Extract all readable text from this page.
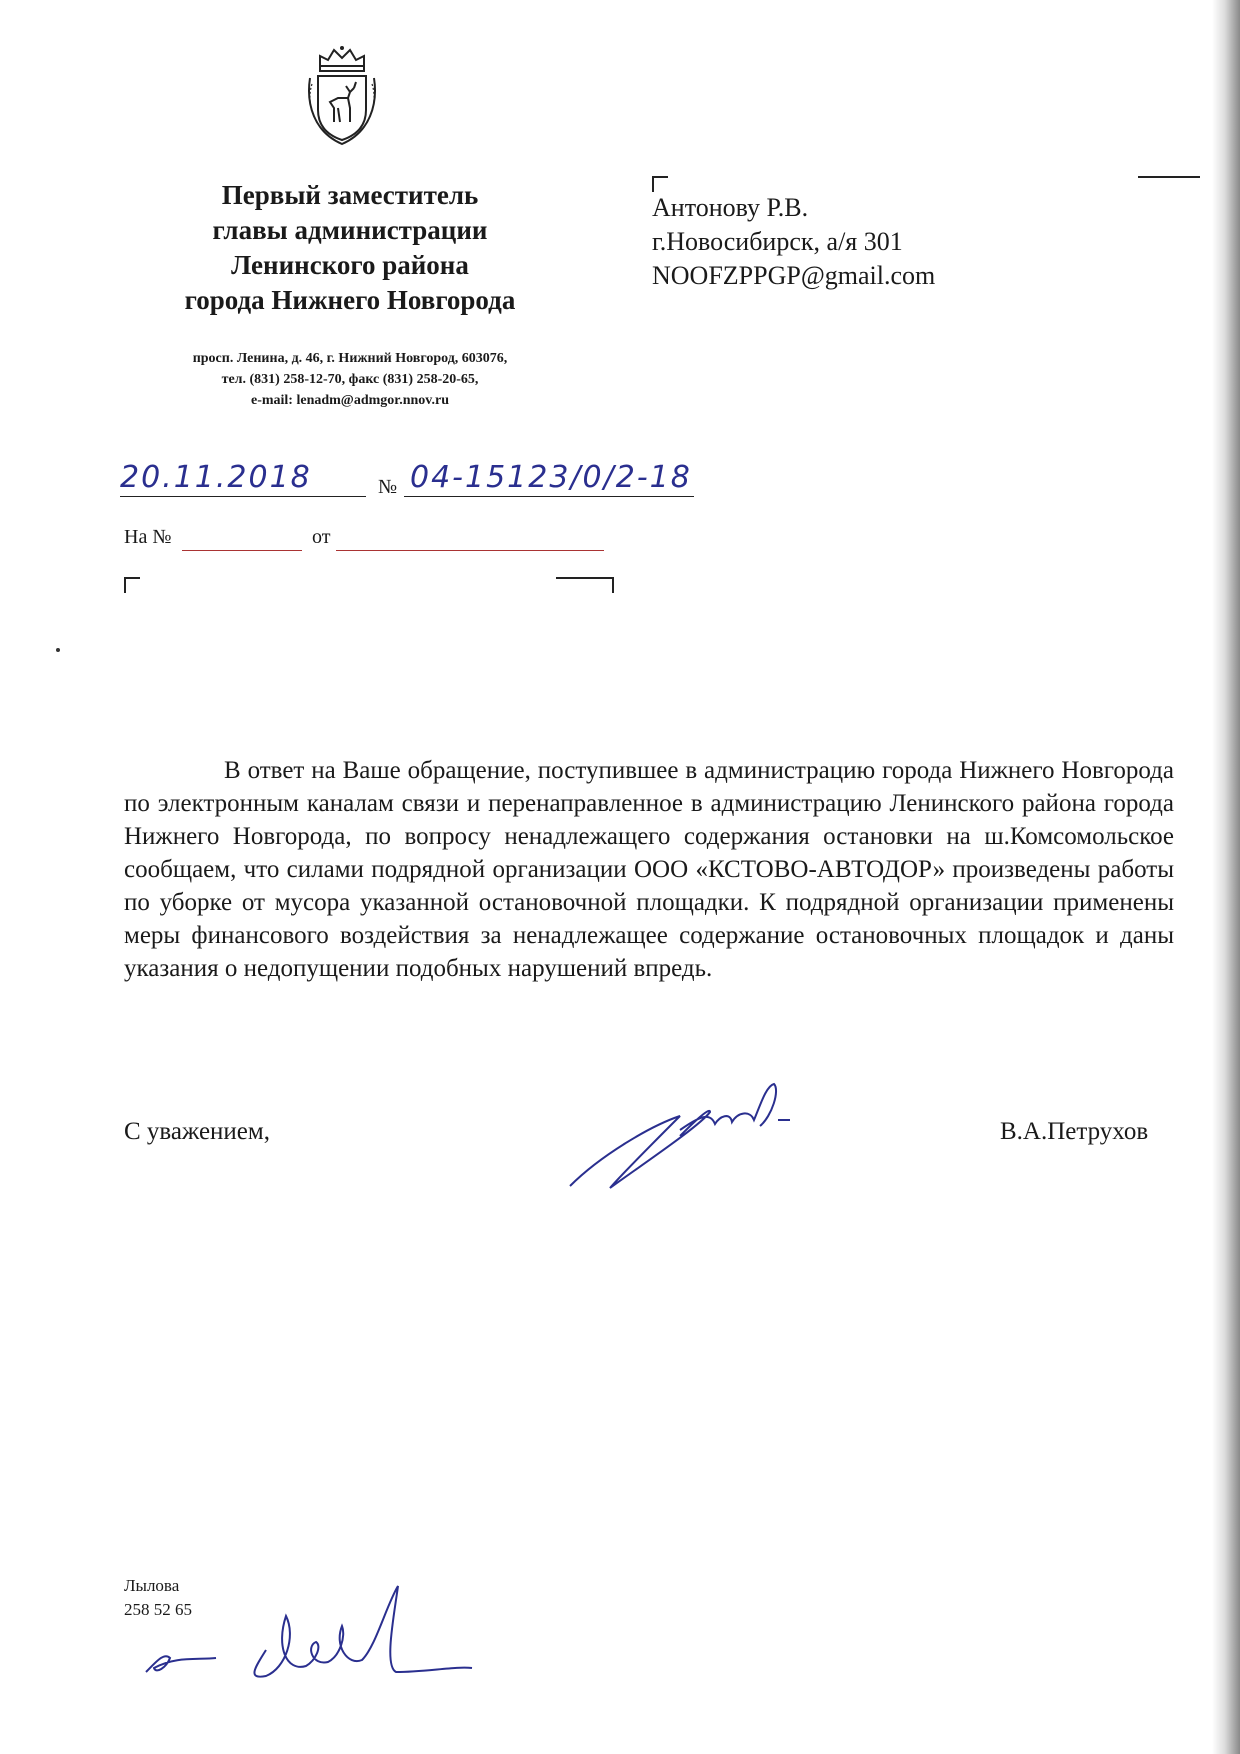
Первый заместитель
главы администрации
Ленинского района
города Нижнего Новгорода
просп. Ленина, д. 46, г. Нижний Новгород, 603076,
тел. (831) 258-12-70, факс (831) 258-20-65,
e-mail: lenadm@admgor.nnov.ru
Антонову Р.В.
г.Новосибирск, а/я 301
NOOFZPPGP@gmail.com
20.11.2018	№ 04-15123/0/2-18
На №	от
В ответ на Ваше обращение, поступившее в администрацию города Нижнего Новгорода по электронным каналам связи и перенаправленное в администрацию Ленинского района города Нижнего Новгорода, по вопросу ненадлежащего содержания остановки на ш.Комсомольское сообщаем, что силами подрядной организации ООО «КСТОВО-АВТОДОР» произведены работы по уборке от мусора указанной остановочной площадки. К подрядной организации применены меры финансового воздействия за ненадлежащее содержание остановочных площадок и даны указания о недопущении подобных нарушений впредь.
С уважением,	В.А.Петрухов
Лылова
258 52 65
